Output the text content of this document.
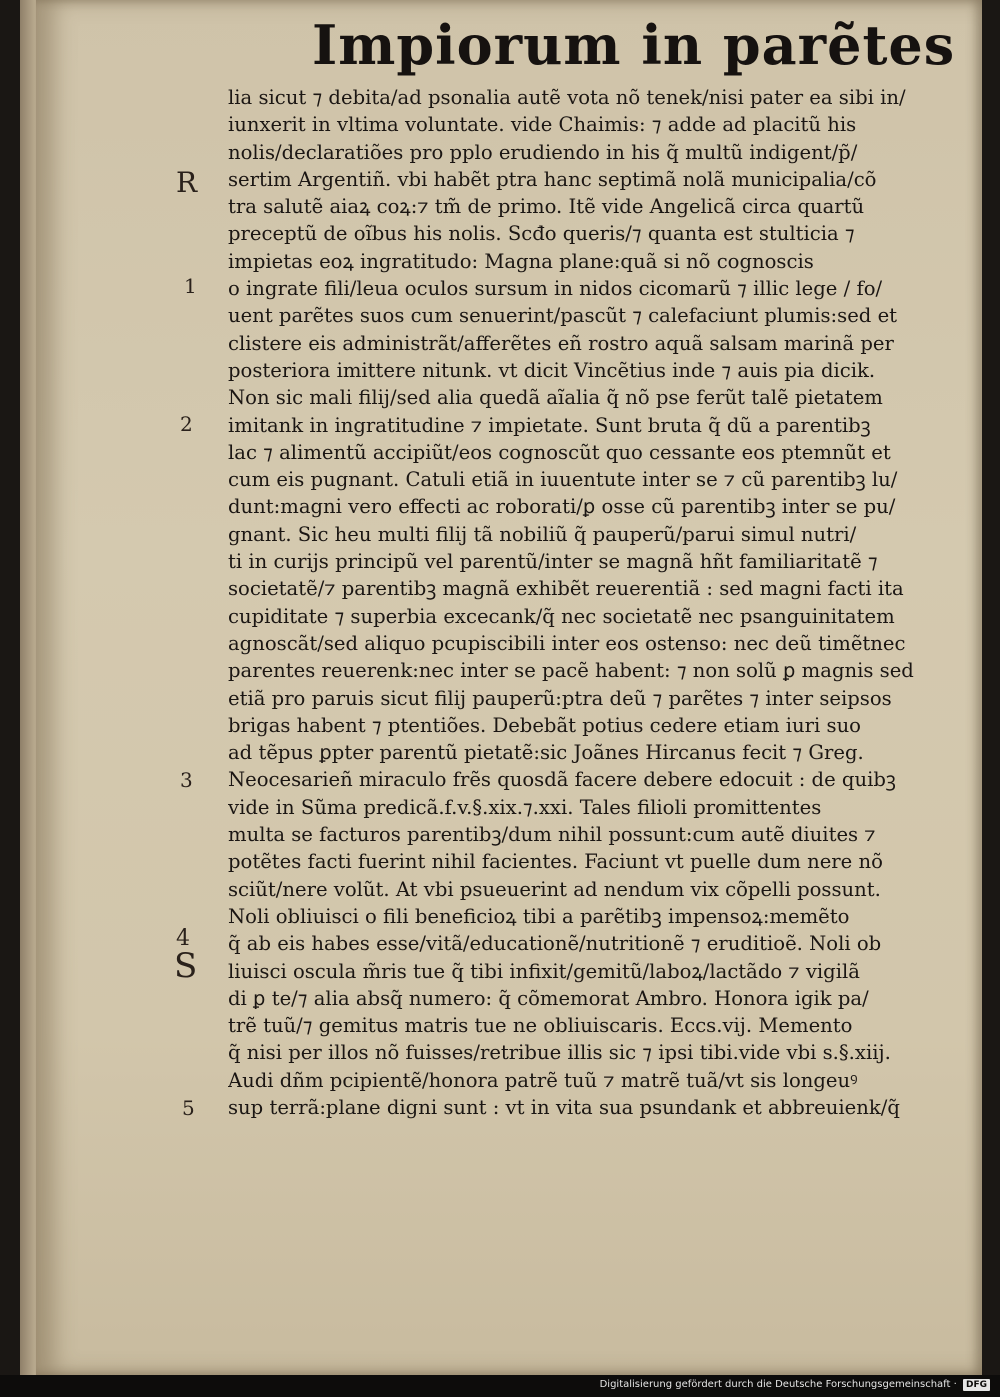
Impiorum in parẽtes
R
1
2
3
4
S
5
lia sicut ⁊ debita/ad psonalia autẽ vota nõ tenek/nisi pater ea sibi in/
iunxerit in vltima voluntate. vide Chaimis: ⁊ adde ad placitũ his
nolis/declaratiões pro pplo erudiendo in his q̃ multũ indigent/p̃/
sertim Argentiñ. vbi habẽt ptra hanc septimã nolã municipalia/cõ
tra salutẽ aiaꝝ coꝝ:⁊ tm̃ de primo. Itẽ vide Angelicã circa quartũ
preceptũ de oĩbus his nolis. Scđo queris/⁊ quanta est stulticia ⁊
impietas eoꝝ ingratitudo: Magna plane:quã si nõ cognoscis
o ingrate fili/leua oculos sursum in nidos cicomarũ ⁊ illic lege / fo/
uent parẽtes suos cum senuerint/pascũt ⁊ calefaciunt plumis:sed et
clistere eis administrãt/afferẽtes eñ rostro aquã salsam marinã per
posteriora imittere nitunk. vt dicit Vincẽtius inde ⁊ auis pia dicik.
Non sic mali filij/sed alia quedã aĩalia q̃ nõ pse ferũt talẽ pietatem
imitank in ingratitudine ⁊ impietate. Sunt bruta q̃ dũ a parentibꝫ
lac ⁊ alimentũ accipiũt/eos cognoscũt quo cessante eos ptemnũt et
cum eis pugnant. Catuli etiã in iuuentute inter se ⁊ cũ parentibꝫ lu/
dunt:magni vero effecti ac roborati/ꝑ osse cũ parentibꝫ inter se pu/
gnant. Sic heu multi filij tã nobiliũ q̃ pauperũ/parui simul nutri/
ti in curijs principũ vel parentũ/inter se magnã hñt familiaritatẽ ⁊
societatẽ/⁊ parentibꝫ magnã exhibẽt reuerentiã : sed magni facti ita
cupiditate ⁊ superbia excecank/q̃ nec societatẽ nec psanguinitatem
agnoscãt/sed aliquo pcupiscibili inter eos ostenso: nec deũ timẽtnec
parentes reuerenk:nec inter se pacẽ habent: ⁊ non solũ ꝑ magnis sed
etiã pro paruis sicut filij pauperũ:ptra deũ ⁊ parẽtes ⁊ inter seipsos
brigas habent ⁊ ptentiões. Debebãt potius cedere etiam iuri suo
ad tẽpus ꝑpter parentũ pietatẽ:sic Joãnes Hircanus fecit ⁊ Greg.
Neocesarieñ miraculo frẽs quosdã facere debere edocuit : de quibꝫ
vide in Sũma predicã.f.v.§.xix.⁊.xxi. Tales filioli promittentes
multa se facturos parentibꝫ/dum nihil possunt:cum autẽ diuites ⁊
potẽtes facti fuerint nihil facientes. Faciunt vt puelle dum nere nõ
sciũt/nere volũt. At vbi psueuerint ad nendum vix cõpelli possunt.
Noli obliuisci o fili beneficioꝝ tibi a parẽtibꝫ impensoꝝ:memẽto
q̃ ab eis habes esse/vitã/educationẽ/nutritionẽ ⁊ eruditioẽ. Noli ob
liuisci oscula m̃ris tue q̃ tibi infixit/gemitũ/laboꝝ/lactãdo ⁊ vigilã
di ꝑ te/⁊ alia absq̃ numero: q̃ cõmemorat Ambro. Honora igik pa/
trẽ tuũ/⁊ gemitus matris tue ne obliuiscaris. Eccs.vij. Memento
q̃ nisi per illos nõ fuisses/retribue illis sic ⁊ ipsi tibi.vide vbi s.§.xiij.
Audi dñm pcipientẽ/honora patrẽ tuũ ⁊ matrẽ tuã/vt sis longeuꝰ
sup terrã:plane digni sunt : vt in vita sua psundank et abbreuienk/q̃
Digitalisierung gefördert durch die Deutsche Forschungsgemeinschaft · DFG
